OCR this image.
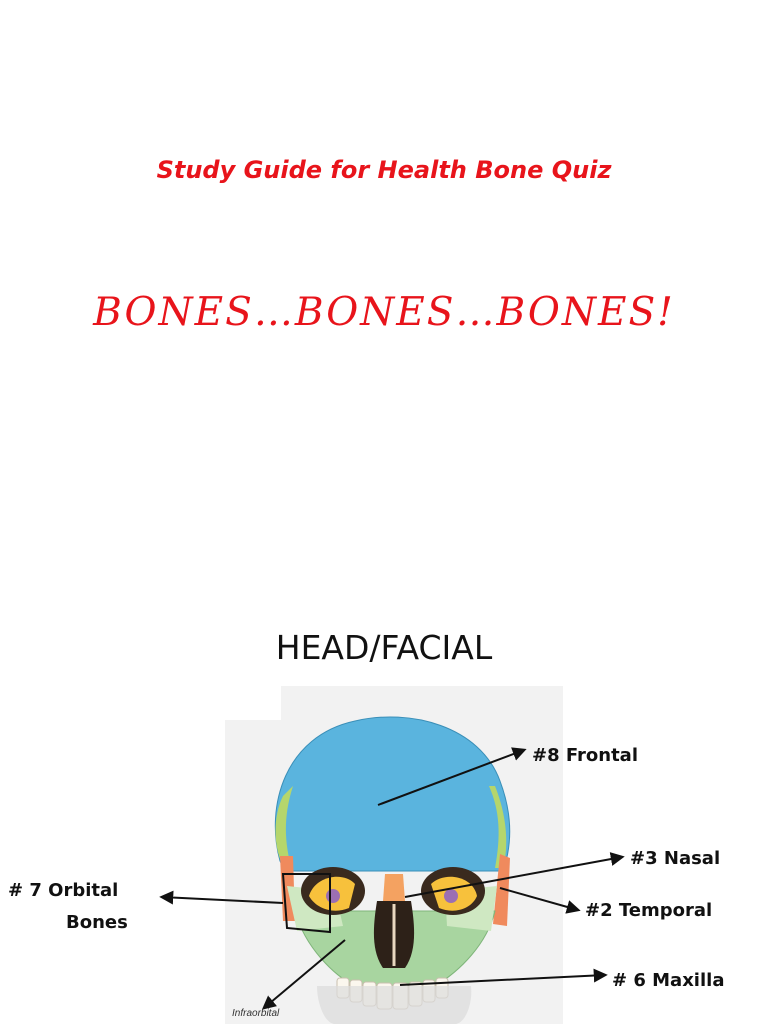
Study Guide for Health Bone Quiz
BONES…BONES…BONES!
HEAD/FACIAL
#8 Frontal
#3 Nasal
#2 Temporal
# 6 Maxilla
# 7 Orbital
Bones
Infraorbital
